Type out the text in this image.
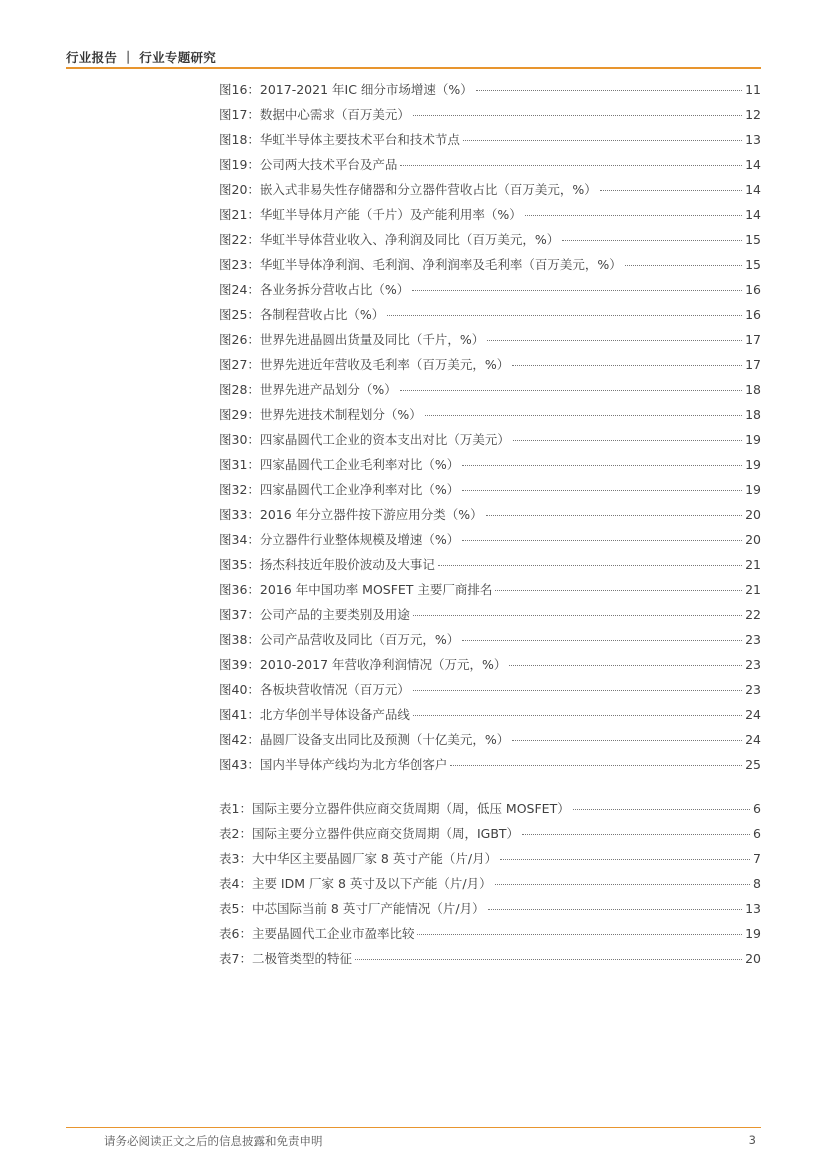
行业报告 ｜ 行业专题研究
图16：2017-2021 年IC 细分市场增速（%）	11
图17：数据中心需求（百万美元）	12
图18：华虹半导体主要技术平台和技术节点	13
图19：公司两大技术平台及产品	14
图20：嵌入式非易失性存储器和分立器件营收占比（百万美元，%）	14
图21：华虹半导体月产能（千片）及产能利用率（%）	14
图22：华虹半导体营业收入、净利润及同比（百万美元，%）	15
图23：华虹半导体净利润、毛利润、净利润率及毛利率（百万美元，%）	15
图24：各业务拆分营收占比（%）	16
图25：各制程营收占比（%）	16
图26：世界先进晶圆出货量及同比（千片，%）	17
图27：世界先进近年营收及毛利率（百万美元，%）	17
图28：世界先进产品划分（%）	18
图29：世界先进技术制程划分（%）	18
图30：四家晶圆代工企业的资本支出对比（万美元）	19
图31：四家晶圆代工企业毛利率对比（%）	19
图32：四家晶圆代工企业净利率对比（%）	19
图33：2016 年分立器件按下游应用分类（%）	20
图34：分立器件行业整体规模及增速（%）	20
图35：扬杰科技近年股价波动及大事记	21
图36：2016 年中国功率 MOSFET 主要厂商排名	21
图37：公司产品的主要类别及用途	22
图38：公司产品营收及同比（百万元，%）	23
图39：2010-2017 年营收净利润情况（万元，%）	23
图40：各板块营收情况（百万元）	23
图41：北方华创半导体设备产品线	24
图42：晶圆厂设备支出同比及预测（十亿美元，%）	24
图43：国内半导体产线均为北方华创客户	25
表1：国际主要分立器件供应商交货周期（周，低压 MOSFET）	6
表2：国际主要分立器件供应商交货周期（周，IGBT）	6
表3：大中华区主要晶圆厂家 8 英寸产能（片/月）	7
表4：主要 IDM 厂家 8 英寸及以下产能（片/月）	8
表5：中芯国际当前 8 英寸厂产能情况（片/月）	13
表6：主要晶圆代工企业市盈率比较	19
表7：二极管类型的特征	20
请务必阅读正文之后的信息披露和免责申明	3
